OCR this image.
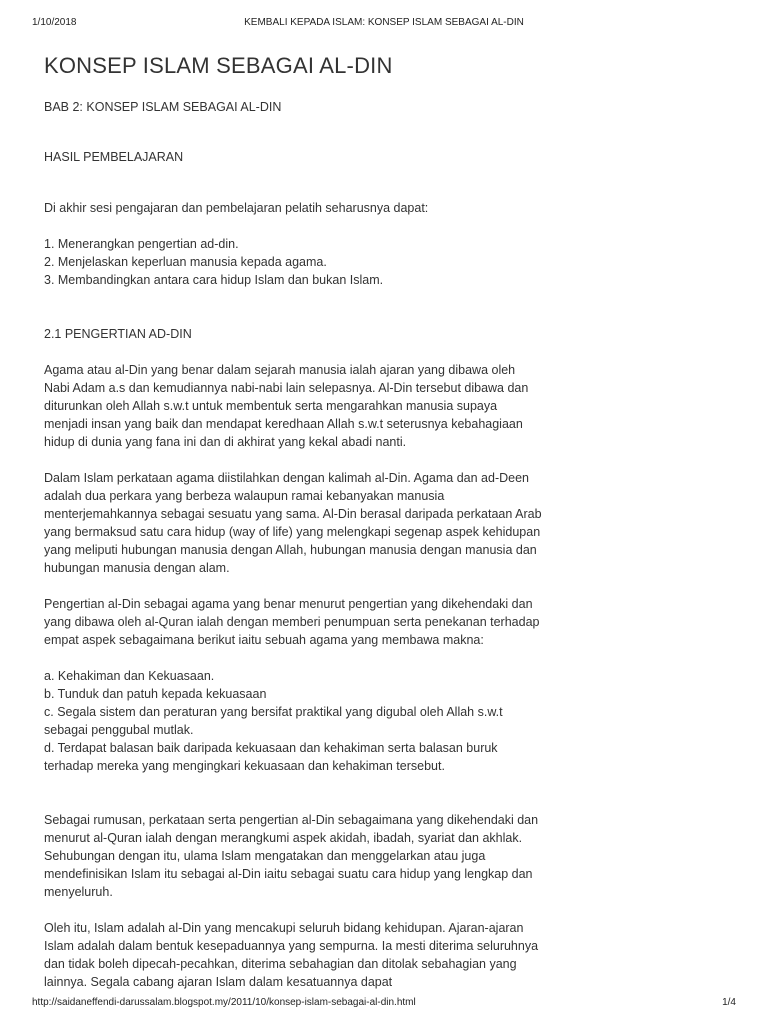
1/10/2018	KEMBALI KEPADA ISLAM: KONSEP ISLAM SEBAGAI AL-DIN
KONSEP ISLAM SEBAGAI AL-DIN

BAB 2: KONSEP ISLAM SEBAGAI AL-DIN

HASIL PEMBELAJARAN

Di akhir sesi pengajaran dan pembelajaran pelatih seharusnya dapat:

1. Menerangkan pengertian ad-din.
2. Menjelaskan keperluan manusia kepada agama.
3. Membandingkan antara cara hidup Islam dan bukan Islam.

2.1 PENGERTIAN AD-DIN

Agama atau al-Din yang benar dalam sejarah manusia ialah ajaran yang dibawa oleh Nabi Adam a.s dan kemudiannya nabi-nabi lain selepasnya. Al-Din tersebut dibawa dan diturunkan oleh Allah s.w.t untuk membentuk serta mengarahkan manusia supaya menjadi insan yang baik dan mendapat keredhaan Allah s.w.t seterusnya kebahagiaan hidup di dunia yang fana ini dan di akhirat yang kekal abadi nanti.

Dalam Islam perkataan agama diistilahkan dengan kalimah al-Din. Agama dan ad-Deen adalah dua perkara yang berbeza walaupun ramai kebanyakan manusia menterjemahkannya sebagai sesuatu yang sama. Al-Din berasal daripada perkataan Arab yang bermaksud satu cara hidup (way of life) yang melengkapi segenap aspek kehidupan yang meliputi hubungan manusia dengan Allah, hubungan manusia dengan manusia dan hubungan manusia dengan alam.

Pengertian al-Din sebagai agama yang benar menurut pengertian yang dikehendaki dan yang dibawa oleh al-Quran ialah dengan memberi penumpuan serta penekanan terhadap empat aspek sebagaimana berikut iaitu sebuah agama yang membawa makna:

a. Kehakiman dan Kekuasaan.
b. Tunduk dan patuh kepada kekuasaan
c. Segala sistem dan peraturan yang bersifat praktikal yang digubal oleh Allah s.w.t sebagai penggubal mutlak.
d. Terdapat balasan baik daripada kekuasaan dan kehakiman serta balasan buruk terhadap mereka yang mengingkari kekuasaan dan kehakiman tersebut.

Sebagai rumusan, perkataan serta pengertian al-Din sebagaimana yang dikehendaki dan menurut al-Quran ialah dengan merangkumi aspek akidah, ibadah, syariat dan akhlak. Sehubungan dengan itu, ulama Islam mengatakan dan menggelarkan atau juga mendefinisikan Islam itu sebagai al-Din iaitu sebagai suatu cara hidup yang lengkap dan menyeluruh.

Oleh itu, Islam adalah al-Din yang mencakupi seluruh bidang kehidupan. Ajaran-ajaran Islam adalah dalam bentuk kesepaduannya yang sempurna. Ia mesti diterima seluruhnya dan tidak boleh dipecah-pecahkan, diterima sebahagian dan ditolak sebahagian yang lainnya. Segala cabang ajaran Islam dalam kesatuannya dapat

http://saidaneffendi-darussalam.blogspot.my/2011/10/konsep-islam-sebagai-al-din.html	1/4
